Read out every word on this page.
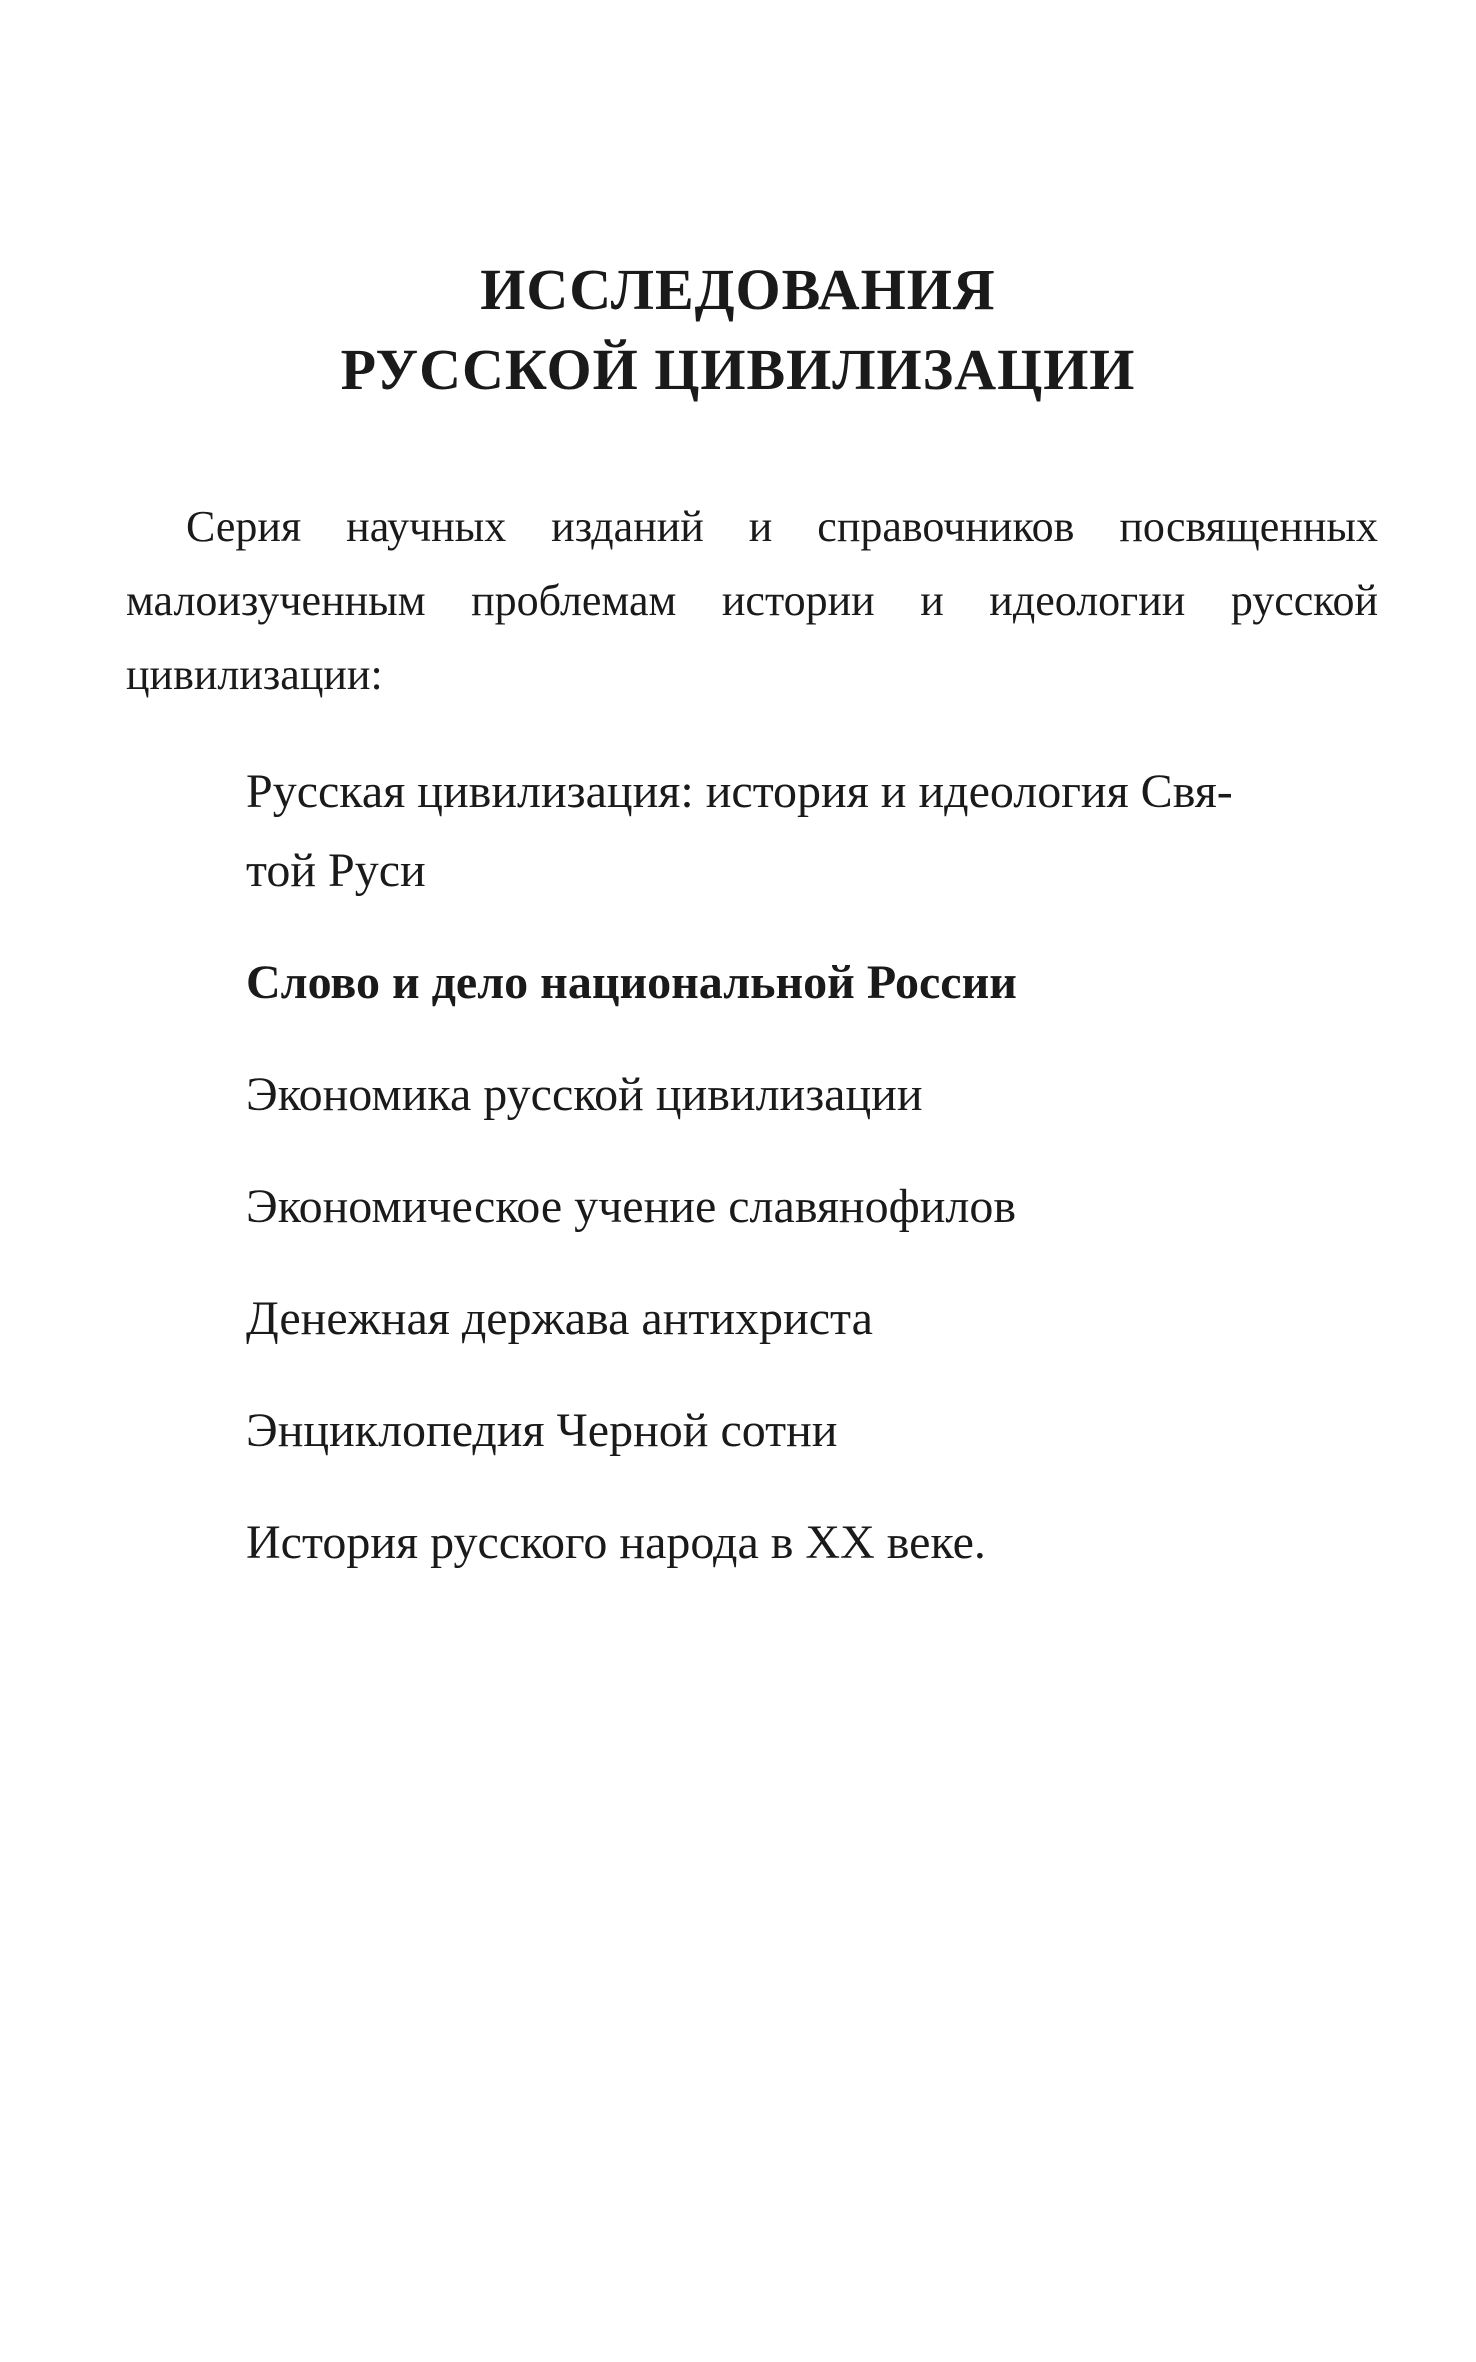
ИССЛЕДОВАНИЯ
РУССКОЙ ЦИВИЛИЗАЦИИ

Серия научных изданий и справочников посвященных малоизученным проблемам истории и идеологии русской цивилизации:

Русская цивилизация: история и идеология Свя-
той Руси
Слово и дело национальной России
Экономика русской цивилизации
Экономическое учение славянофилов
Денежная держава антихриста
Энциклопедия Черной сотни
История русского народа в XX веке.
